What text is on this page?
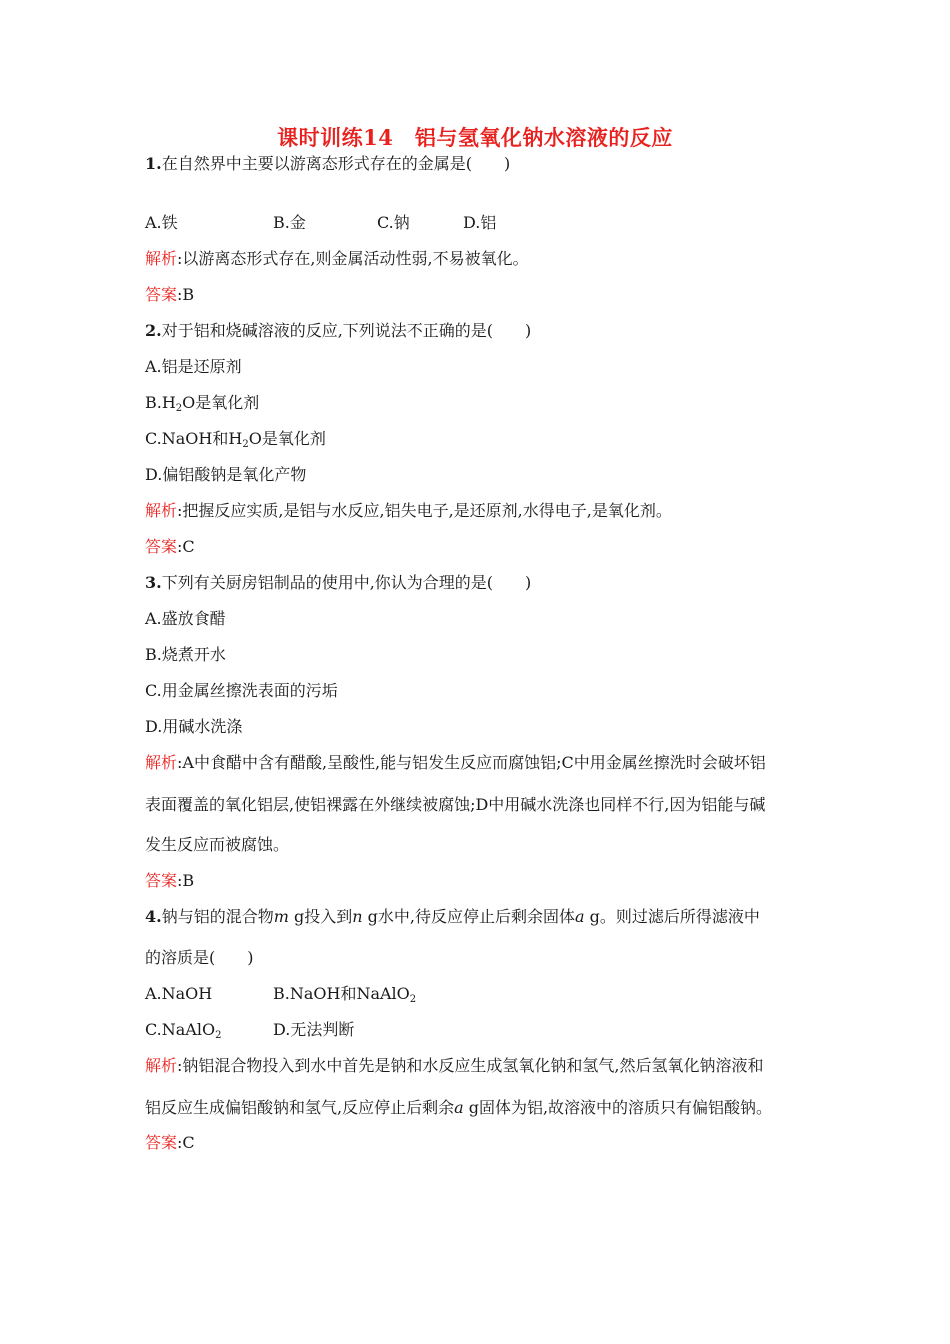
课时训练14　铝与氢氧化钠水溶液的反应
1.在自然界中主要以游离态形式存在的金属是(　　)
A.铁	B.金	C.钠	D.铝
解析:以游离态形式存在,则金属活动性弱,不易被氧化。
答案:B
2.对于铝和烧碱溶液的反应,下列说法不正确的是(　　)
A.铝是还原剂
$B.H_2O$是氧化剂
C.NaOH和$H_2O$是氧化剂
D.偏铝酸钠是氧化产物
解析:把握反应实质,是铝与水反应,铝失电子,是还原剂,水得电子,是氧化剂。
答案:C
3.下列有关厨房铝制品的使用中,你认为合理的是(　　)
A.盛放食醋
B.烧煮开水
C.用金属丝擦洗表面的污垢
D.用碱水洗涤
解析:A中食醋中含有醋酸,呈酸性,能与铝发生反应而腐蚀铝;C中用金属丝擦洗时会破坏铝
表面覆盖的氧化铝层,使铝裸露在外继续被腐蚀;D中用碱水洗涤也同样不行,因为铝能与碱
发生反应而被腐蚀。
答案:B
4.钠与铝的混合物m g投入到n g水中,待反应停止后剩余固体a g。则过滤后所得滤液中
的溶质是(　　)
A.NaOH	B.NaOH和NaAlO$_2$
C.NaAlO$_2$	D.无法判断
解析:钠铝混合物投入到水中首先是钠和水反应生成氢氧化钠和氢气,然后氢氧化钠溶液和
铝反应生成偏铝酸钠和氢气,反应停止后剩余a g固体为铝,故溶液中的溶质只有偏铝酸钠。
答案:C
